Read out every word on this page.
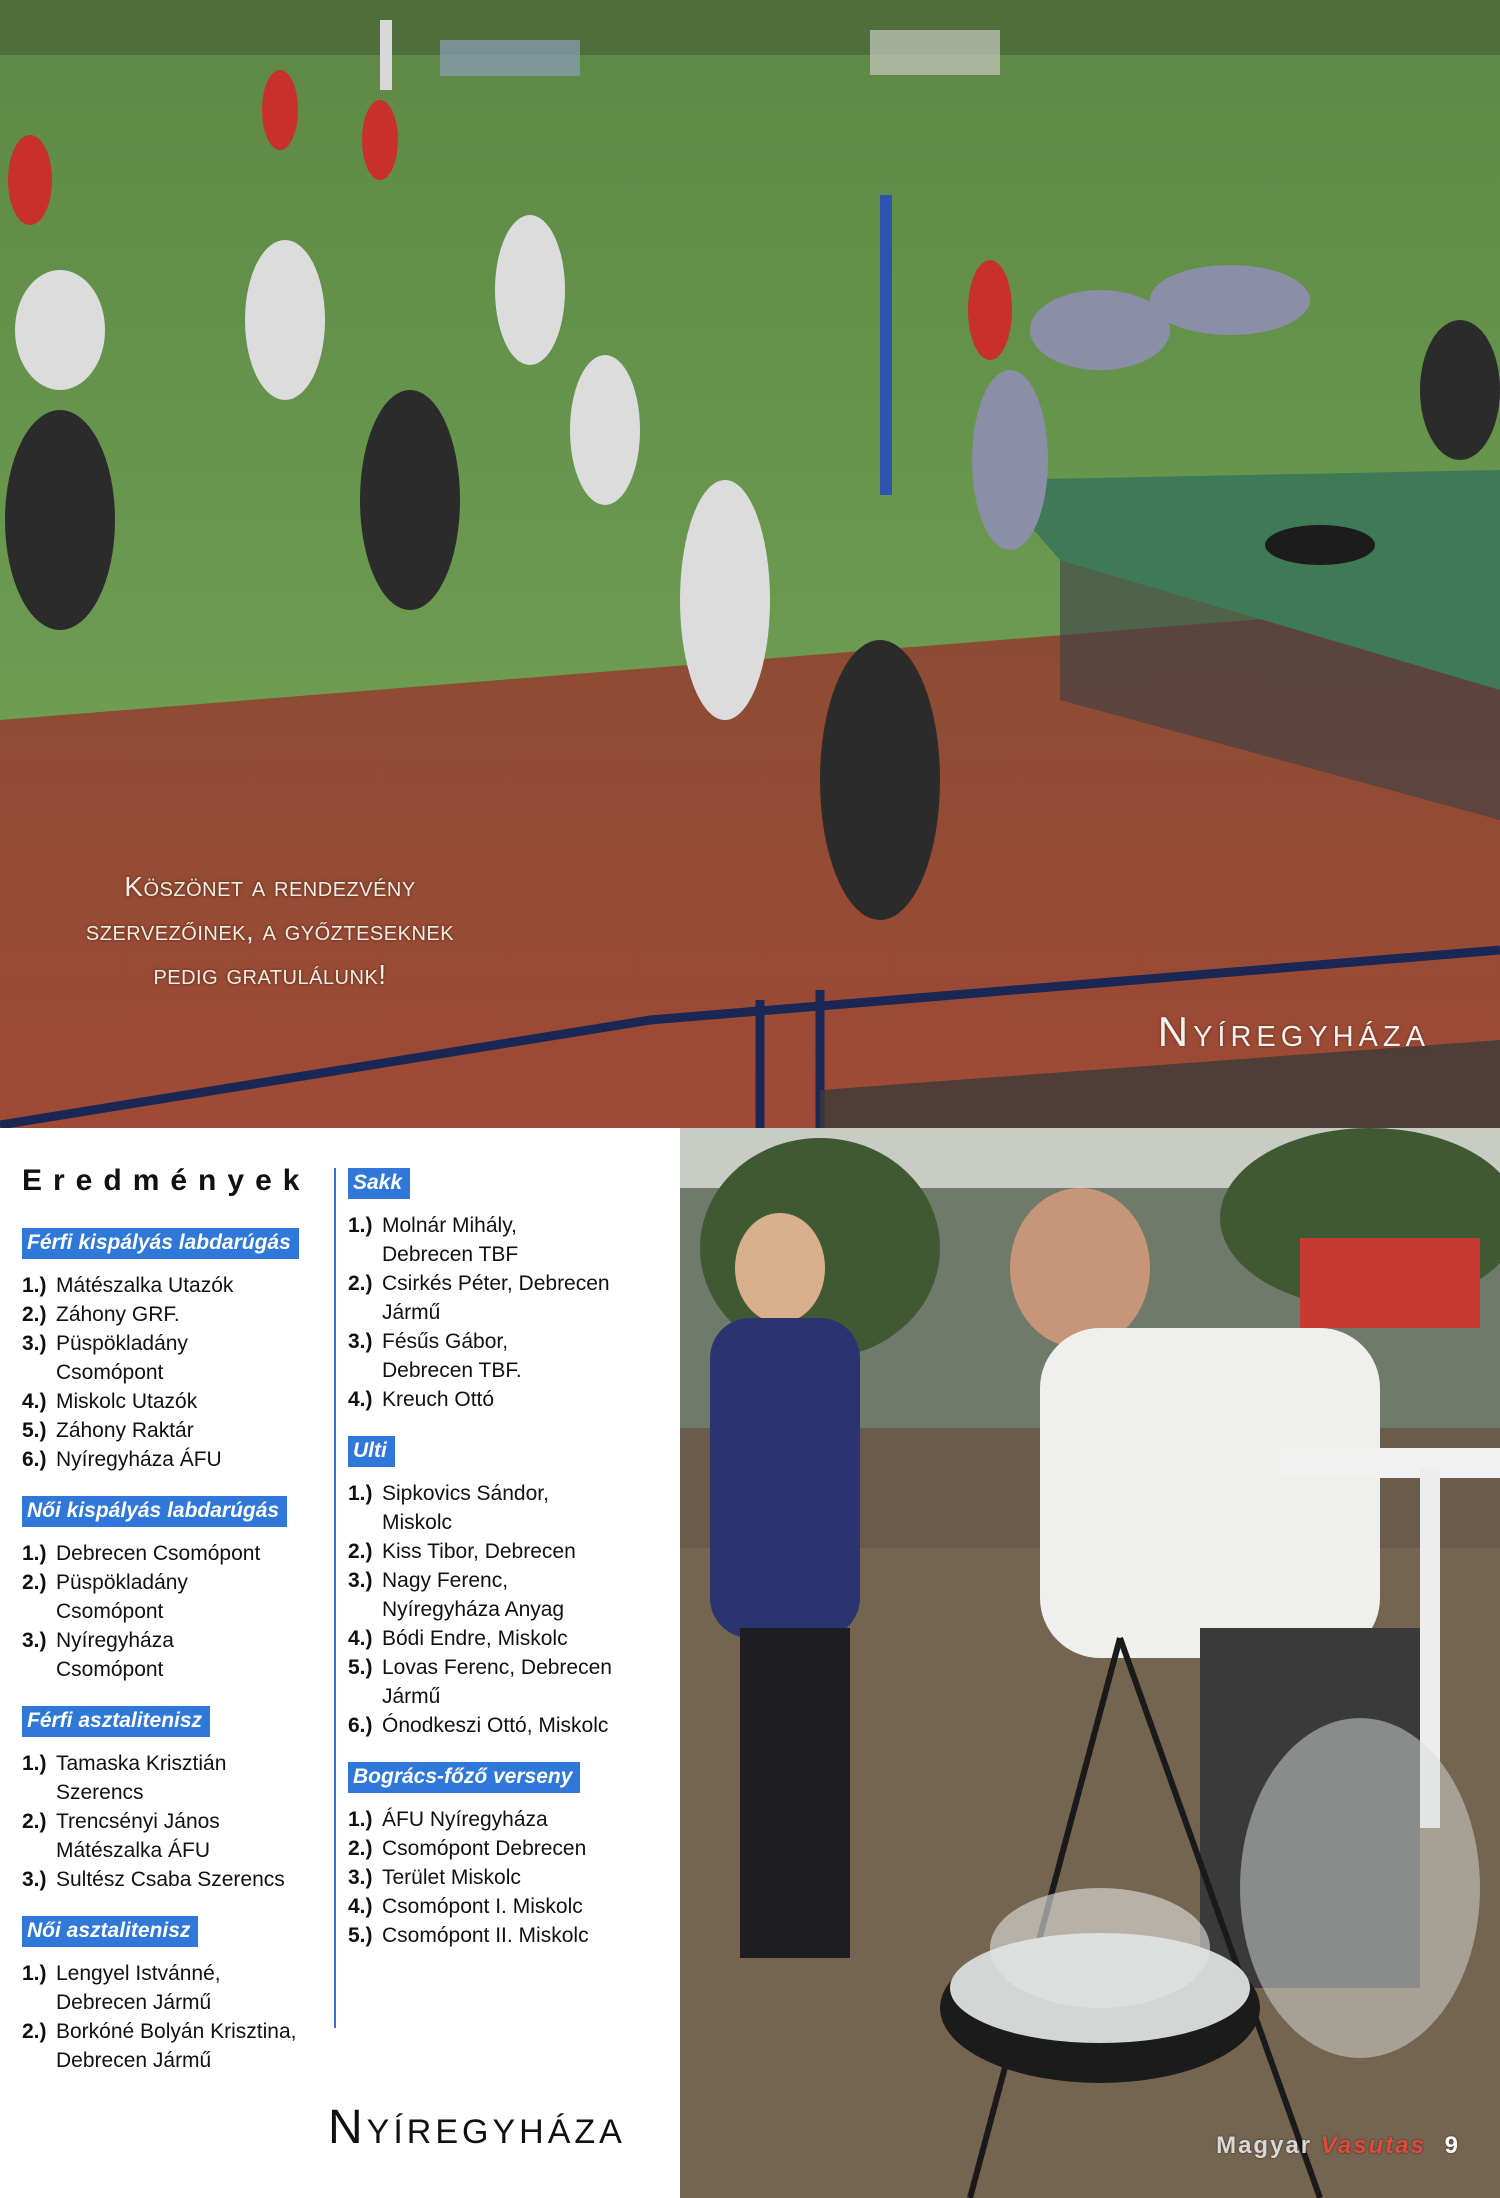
Köszönet a rendezvény
szervezőinek, a győzteseknek
pedig gratulálunk!
Nyíregyháza
Eredmények
Férfi kispályás labdarúgás
1.) Mátészalka Utazók
2.) Záhony GRF.
3.) Püspökladány
Csomópont
4.) Miskolc Utazók
5.) Záhony Raktár
6.) Nyíregyháza ÁFU
Női kispályás labdarúgás
1.) Debrecen Csomópont
2.) Püspökladány
Csomópont
3.) Nyíregyháza
Csomópont
Férfi asztalitenisz
1.) Tamaska Krisztián
Szerencs
2.) Trencsényi János
Mátészalka ÁFU
3.) Sultész Csaba Szerencs
Női asztalitenisz
1.) Lengyel Istvánné,
Debrecen Jármű
2.) Borkóné Bolyán Krisztina,
Debrecen Jármű
Sakk
1.) Molnár Mihály,
Debrecen TBF
2.) Csirkés Péter, Debrecen
Jármű
3.) Fésűs Gábor,
Debrecen TBF.
4.) Kreuch Ottó
Ulti
1.) Sipkovics Sándor,
Miskolc
2.) Kiss Tibor, Debrecen
3.) Nagy Ferenc,
Nyíregyháza Anyag
4.) Bódi Endre, Miskolc
5.) Lovas Ferenc, Debrecen
Jármű
6.) Ónodkeszi Ottó, Miskolc
Bogrács-főző verseny
1.) ÁFU Nyíregyháza
2.) Csomópont Debrecen
3.) Terület Miskolc
4.) Csomópont I. Miskolc
5.) Csomópont II. Miskolc
Nyíregyháza	Magyar Vasutas 9
